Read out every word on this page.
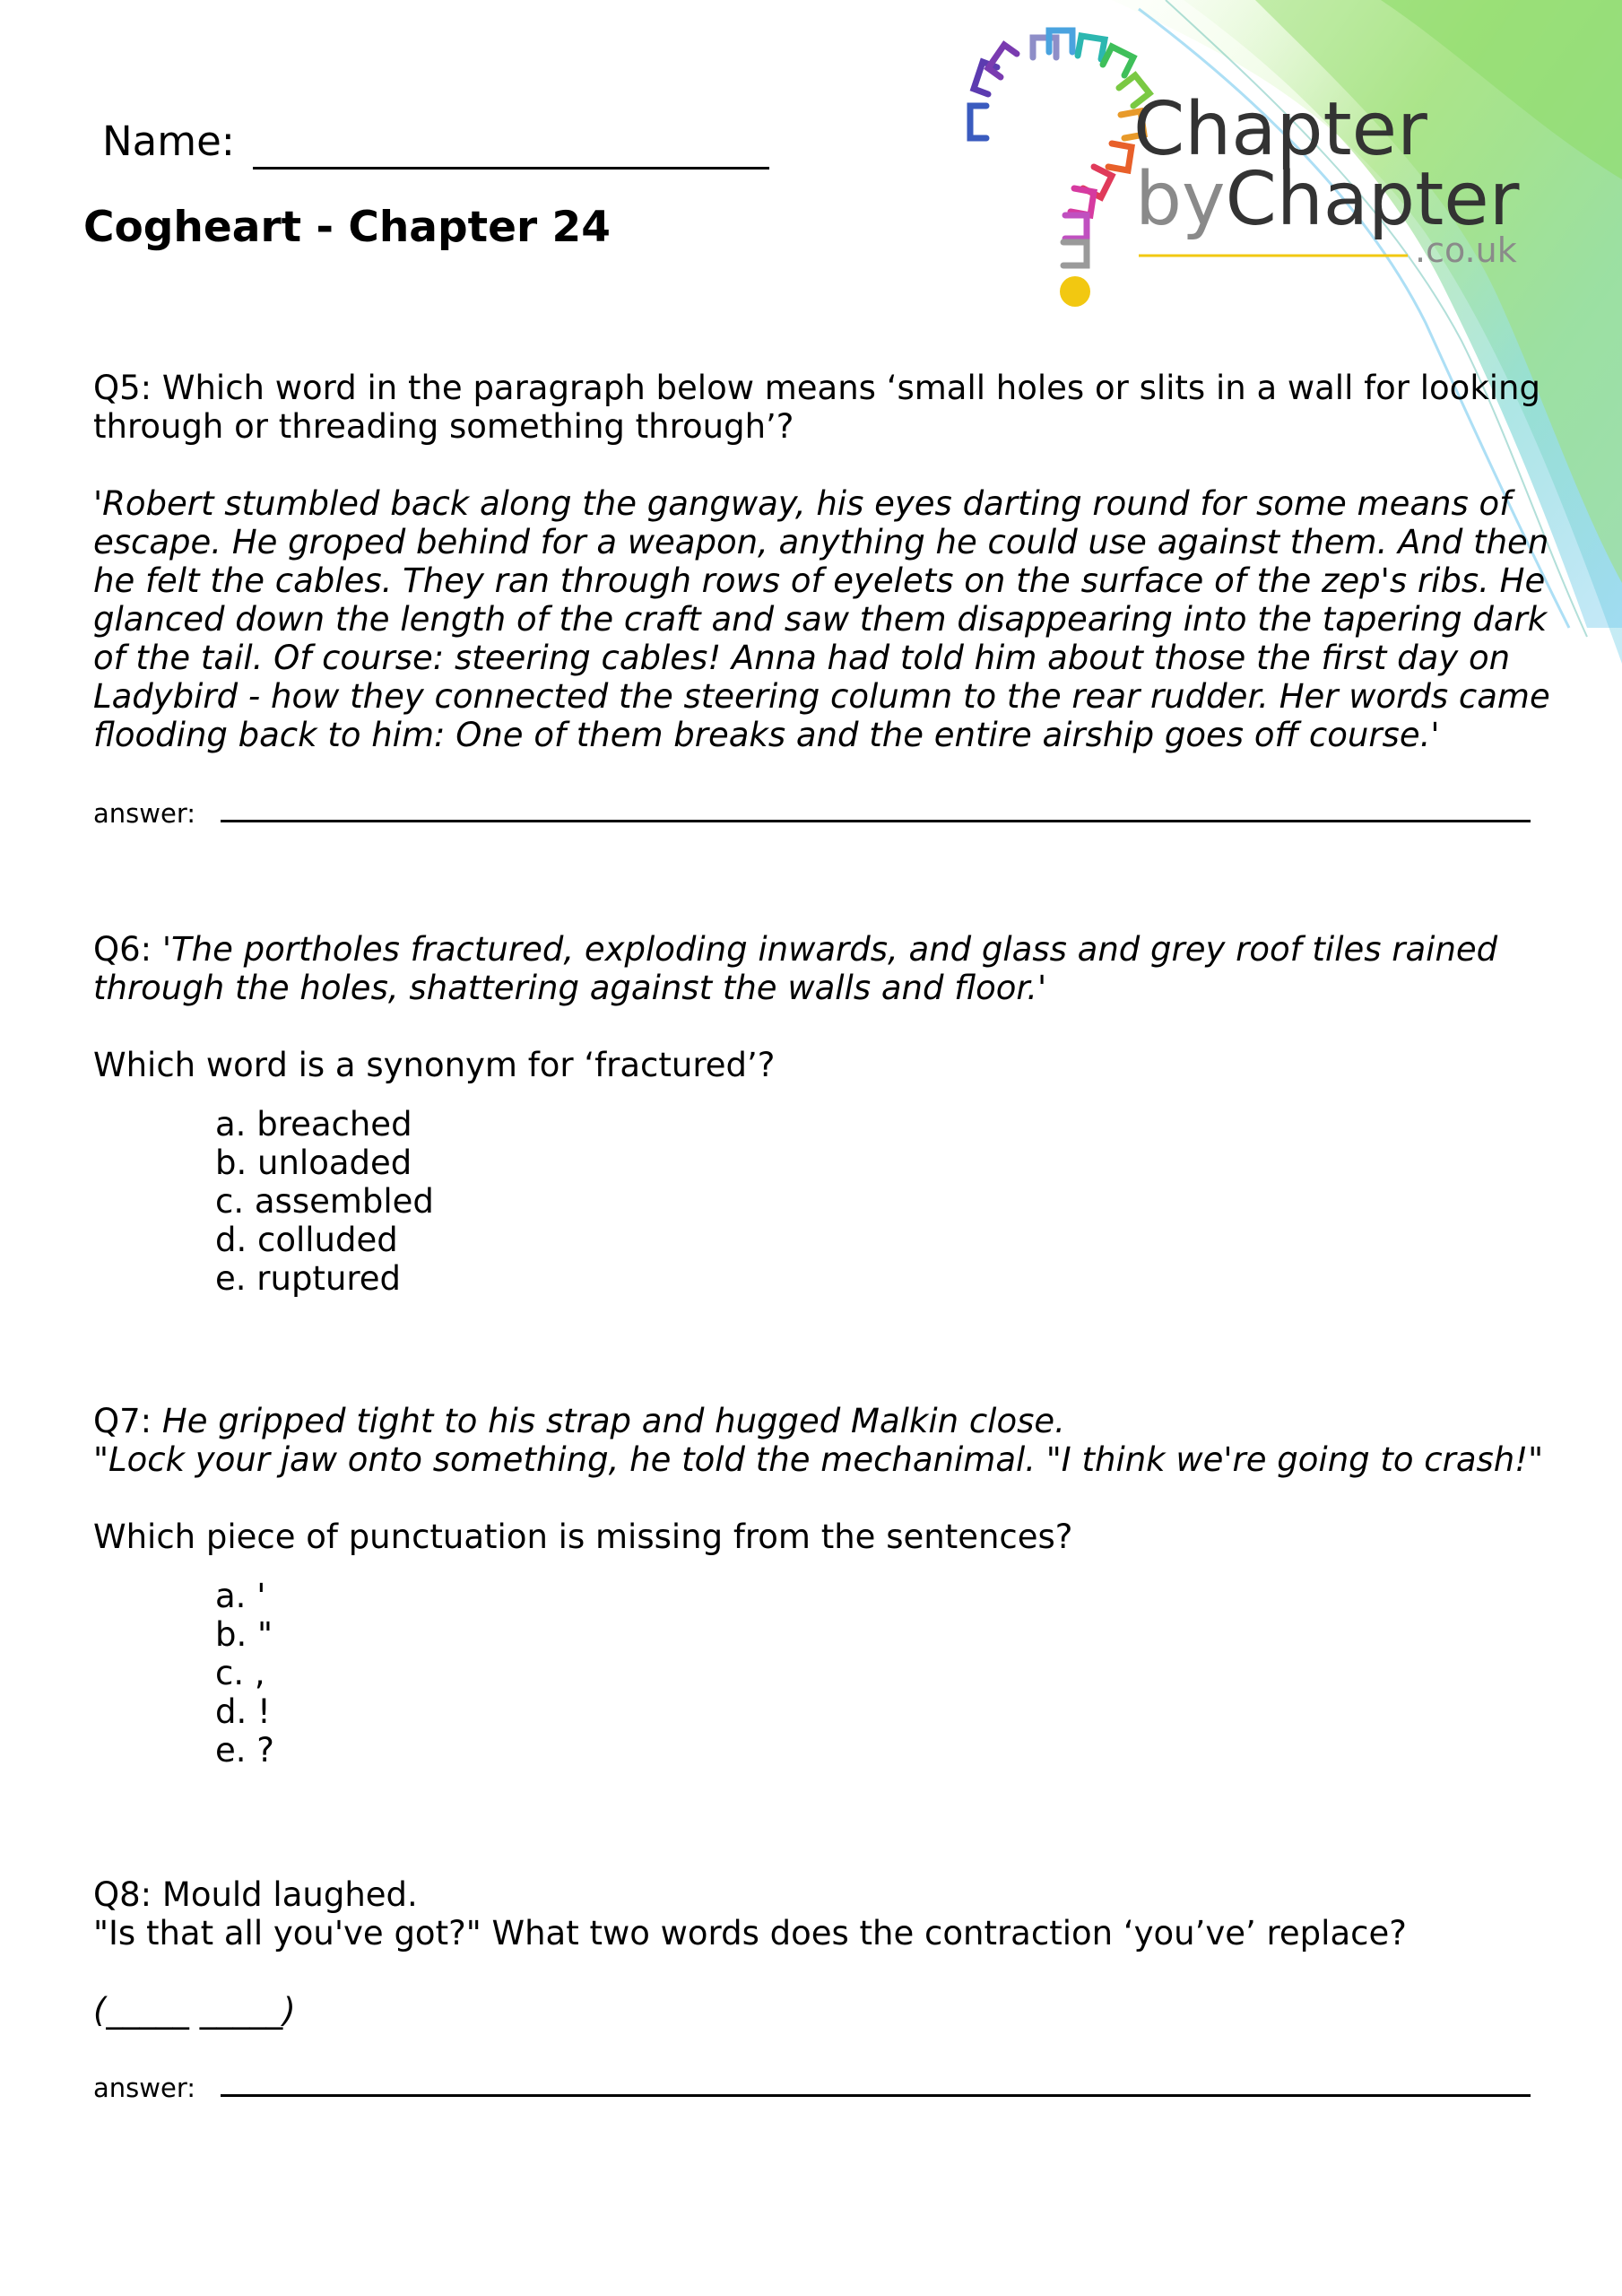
Chapter
byChapter
.co.uk
Name:
Cogheart - Chapter 24
Q5: Which word in the paragraph below means ‘small holes or slits in a wall for looking
through or threading something through’?
'Robert stumbled back along the gangway, his eyes darting round for some means of
escape. He groped behind for a weapon, anything he could use against them. And then
he felt the cables. They ran through rows of eyelets on the surface of the zep's ribs. He
glanced down the length of the craft and saw them disappearing into the tapering dark
of the tail. Of course: steering cables! Anna had told him about those the first day on
Ladybird - how they connected the steering column to the rear rudder. Her words came
flooding back to him: One of them breaks and the entire airship goes off course.'
answer:
Q6: 'The portholes fractured, exploding inwards, and glass and grey roof tiles rained
through the holes, shattering against the walls and floor.'
Which word is a synonym for ‘fractured’?
a. breached
b. unloaded
c. assembled
d. colluded
e. ruptured
Q7: He gripped tight to his strap and hugged Malkin close.
"Lock your jaw onto something, he told the mechanimal. "I think we're going to crash!"
Which piece of punctuation is missing from the sentences?
a. '
b. "
c. ,
d. !
e. ?
Q8: Mould laughed.
"Is that all you've got?" What two words does the contraction ‘you’ve’ replace?
(_____ _____)
answer:
